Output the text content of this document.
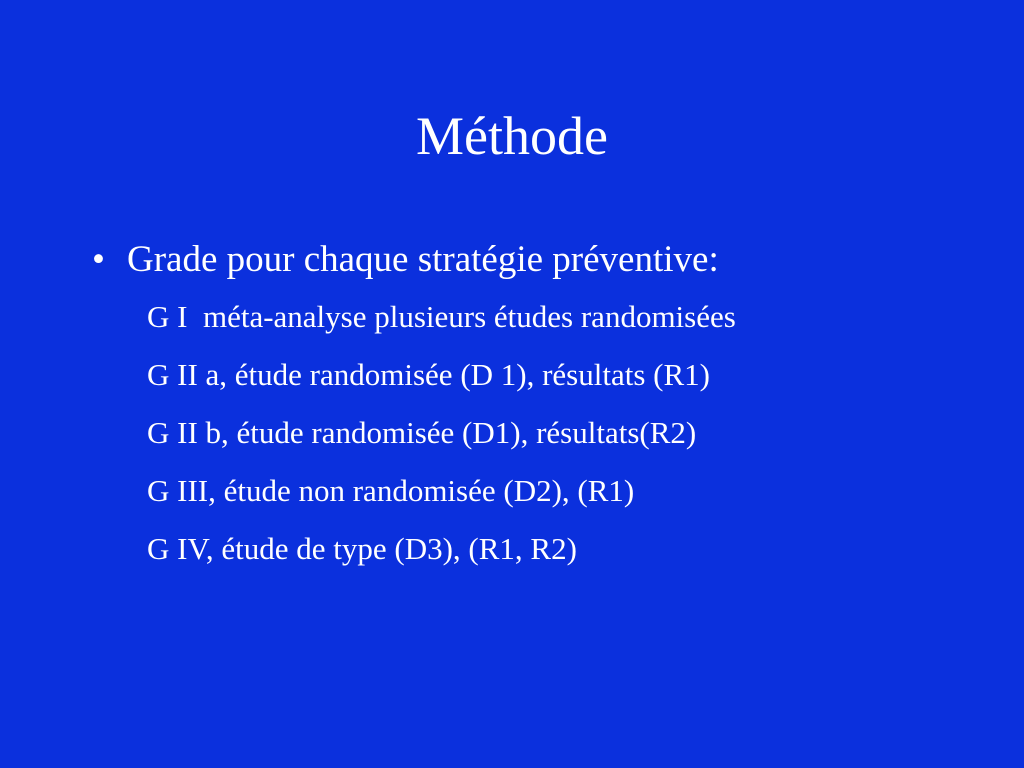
Méthode
• Grade pour chaque stratégie préventive:
G I  méta-analyse plusieurs études randomisées
G II a, étude randomisée (D 1), résultats (R1)
G II b, étude randomisée (D1), résultats(R2)
G III, étude non randomisée (D2), (R1)
G IV, étude de type (D3), (R1, R2)
